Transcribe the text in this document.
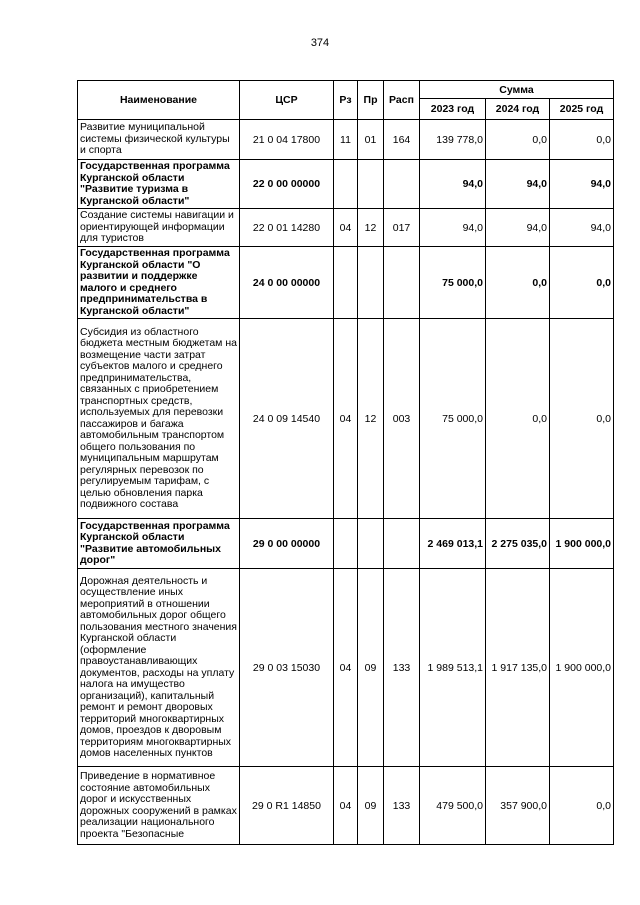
374
Наименование	ЦСР	Рз	Пр	Расп	Сумма		
					2023 год	2024 год	2025 год
Развитие муниципальной системы физической культуры и спорта	21 0 04 17800	11	01	164	139 778,0	0,0	0,0
Государственная программа Курганской области "Развитие туризма в Курганской области"	22 0 00 00000				94,0	94,0	94,0
Создание системы навигации и ориентирующей информации для туристов	22 0 01 14280	04	12	017	94,0	94,0	94,0
Государственная программа Курганской области "О развитии и поддержке малого и среднего предпринимательства в Курганской области"	24 0 00 00000				75 000,0	0,0	0,0
Субсидия из областного бюджета местным бюджетам на возмещение части затрат субъектов малого и среднего предпринимательства, связанных с приобретением транспортных средств, используемых для перевозки пассажиров и багажа автомобильным транспортом общего пользования по муниципальным маршрутам регулярных перевозок по регулируемым тарифам, с целью обновления парка подвижного состава	24 0 09 14540	04	12	003	75 000,0	0,0	0,0
Государственная программа Курганской области "Развитие автомобильных дорог"	29 0 00 00000				2 469 013,1	2 275 035,0	1 900 000,0
Дорожная деятельность и осуществление иных мероприятий в отношении автомобильных дорог общего пользования местного значения Курганской области (оформление правоустанавливающих документов, расходы на уплату налога на имущество организаций), капитальный ремонт и ремонт дворовых территорий многоквартирных домов, проездов к дворовым территориям многоквартирных домов населенных пунктов	29 0 03 15030	04	09	133	1 989 513,1	1 917 135,0	1 900 000,0
Приведение в нормативное состояние автомобильных дорог и искусственных дорожных сооружений в рамках реализации национального проекта "Безопасные	29 0 R1 14850	04	09	133	479 500,0	357 900,0	0,0
